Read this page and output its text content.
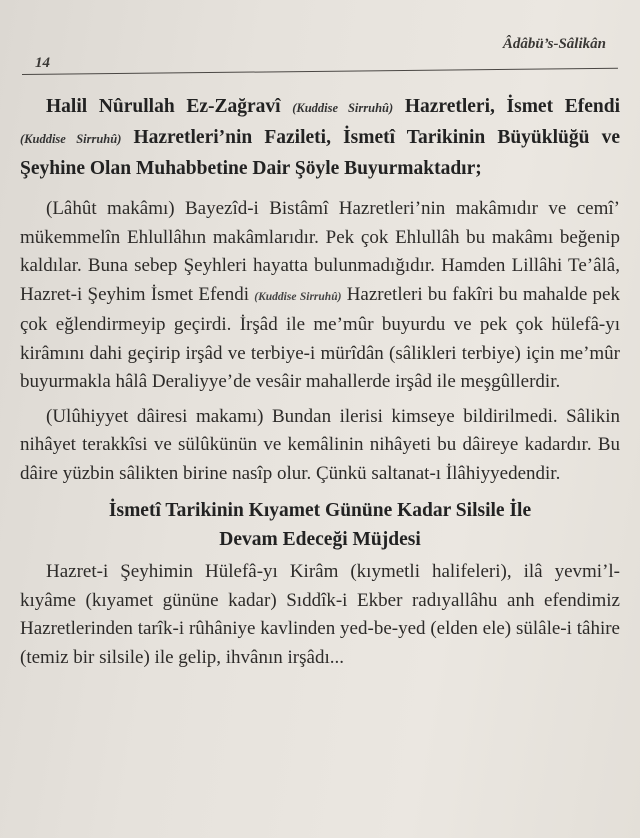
Âdâbü’s-Sâlikân
14
Halil Nûrullah Ez-Zağravî (Kuddise Sirruhû) Hazretleri, İsmet Efendi (Kuddise Sirruhû) Hazretleri’nin Fazileti, İsmetî Tarikinin Büyüklüğü ve Şeyhine Olan Muhabbetine Dair Şöyle Buyurmaktadır;

(Lâhût makâmı) Bayezîd-i Bistâmî Hazretleri’nin makâmıdır ve cemî’ mükemmelîn Ehlullâhın makâmlarıdır. Pek çok Ehlullâh bu makâmı beğenip kaldılar. Buna sebep Şeyhleri hayatta bulunmadığıdır. Hamden Lillâhi Te’âlâ, Hazret-i Şeyhim İsmet Efendi (Kuddise Sirruhû) Hazretleri bu fakîri bu mahalde pek çok eğlendirmeyip geçirdi. İrşâd ile me’mûr buyurdu ve pek çok hülefâ-yı kirâmını dahi geçirip irşâd ve terbiye-i mürîdân (sâlikleri terbiye) için me’mûr buyurmakla hâlâ Deraliyye’de vesâir mahallerde irşâd ile meşgûllerdir.

(Ulûhiyyet dâiresi makamı) Bundan ilerisi kimseye bildirilmedi. Sâlikin nihâyet terakkîsi ve sülûkünün ve kemâlinin nihâyeti bu dâireye kadardır. Bu dâire yüzbin sâlikten birine nasîp olur. Çünkü saltanat-ı İlâhiyyedendir.

İsmetî Tarikinin Kıyamet Gününe Kadar Silsile İle
Devam Edeceği Müjdesi

Hazret-i Şeyhimin Hülefâ-yı Kirâm (kıymetli halifeleri), ilâ yevmi’l-kıyâme (kıyamet gününe kadar) Sıddîk-i Ekber radıyallâhu anh efendimiz Hazretlerinden tarîk-i rûhâniye kavlinden yed-be-yed (elden ele) sülâle-i tâhire (temiz bir silsile) ile gelip, ihvânın irşâdı...
